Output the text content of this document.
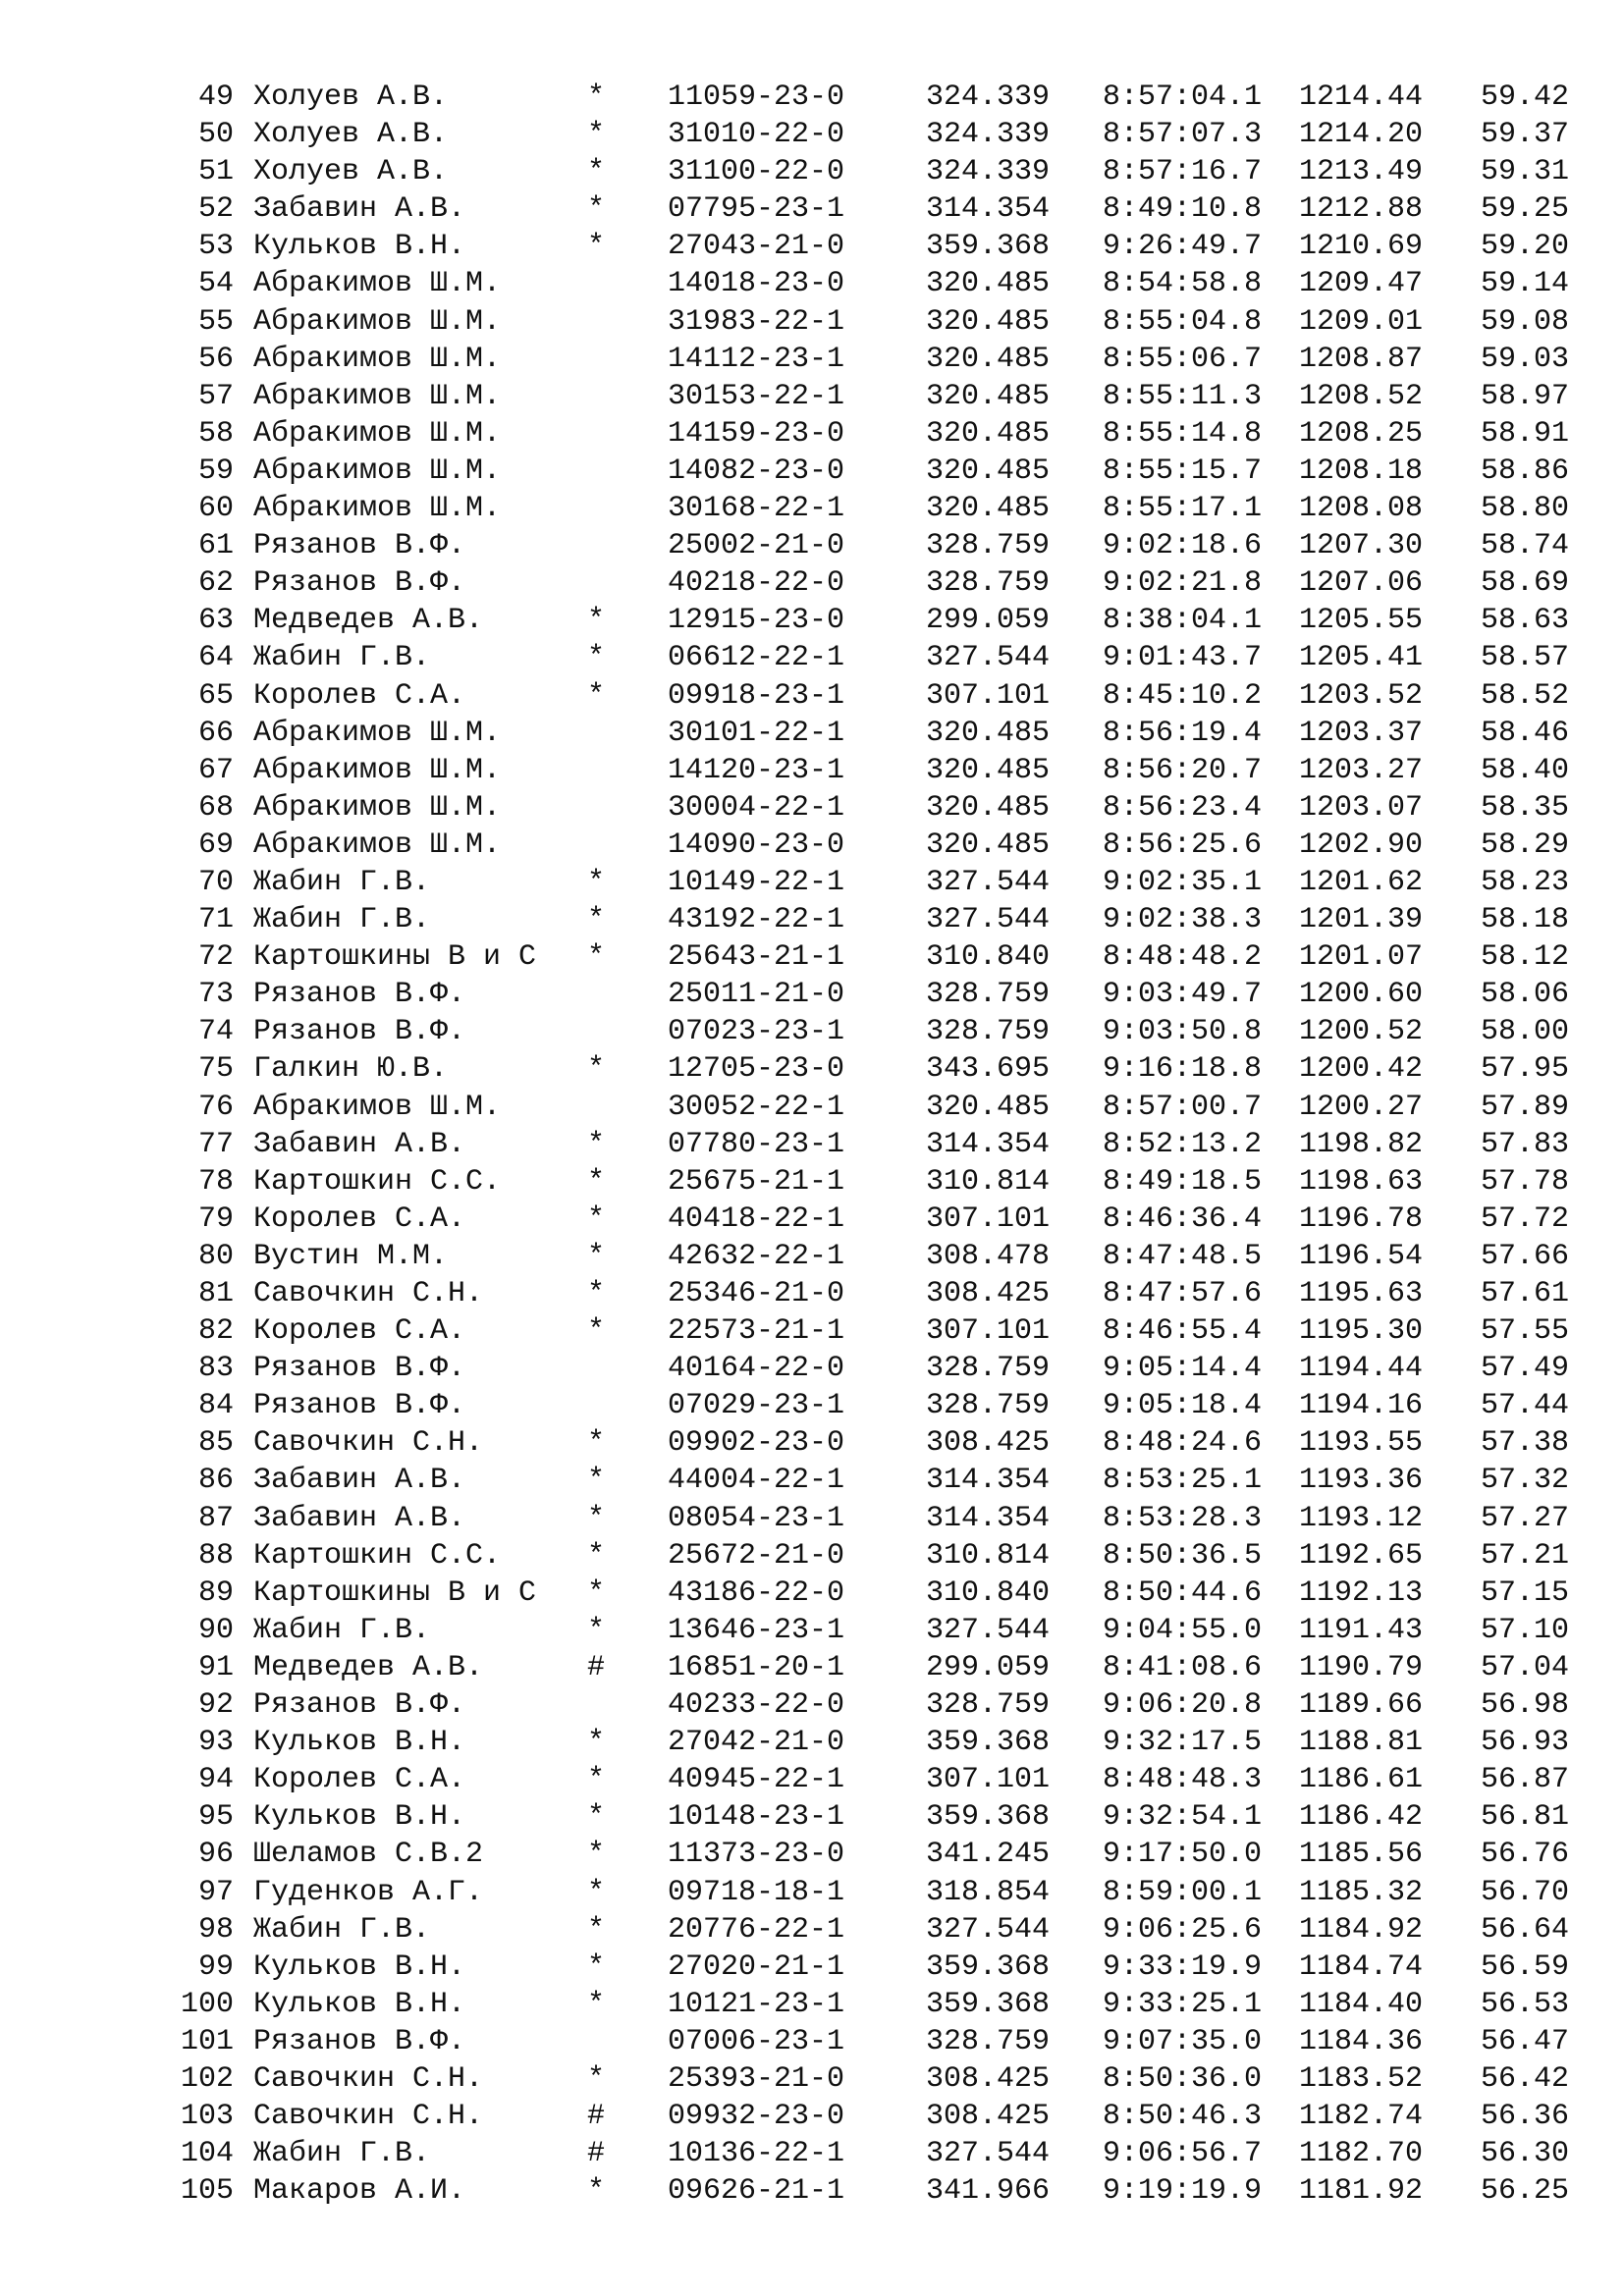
49 Холуев А.В.	* 11059-23-0	324.339 8:57:04.1 1214.44 59.42
50 Холуев А.В.	* 31010-22-0	324.339 8:57:07.3 1214.20 59.37
51 Холуев А.В.	* 31100-22-0	324.339 8:57:16.7 1213.49 59.31
52 Забавин А.В.	* 07795-23-1	314.354 8:49:10.8 1212.88 59.25
53 Кульков В.Н.	* 27043-21-0	359.368 9:26:49.7 1210.69 59.20
54 Абракимов Ш.М.	14018-23-0	320.485 8:54:58.8 1209.47 59.14
55 Абракимов Ш.М.	31983-22-1	320.485 8:55:04.8 1209.01 59.08
56 Абракимов Ш.М.	14112-23-1	320.485 8:55:06.7 1208.87 59.03
57 Абракимов Ш.М.	30153-22-1	320.485 8:55:11.3 1208.52 58.97
58 Абракимов Ш.М.	14159-23-0	320.485 8:55:14.8 1208.25 58.91
59 Абракимов Ш.М.	14082-23-0	320.485 8:55:15.7 1208.18 58.86
60 Абракимов Ш.М.	30168-22-1	320.485 8:55:17.1 1208.08 58.80
61 Рязанов В.Ф.	25002-21-0	328.759 9:02:18.6 1207.30 58.74
62 Рязанов В.Ф.	40218-22-0	328.759 9:02:21.8 1207.06 58.69
63 Медведев А.В.	* 12915-23-0	299.059 8:38:04.1 1205.55 58.63
64 Жабин Г.В.	* 06612-22-1	327.544 9:01:43.7 1205.41 58.57
65 Королев С.А.	* 09918-23-1	307.101 8:45:10.2 1203.52 58.52
66 Абракимов Ш.М.	30101-22-1	320.485 8:56:19.4 1203.37 58.46
67 Абракимов Ш.М.	14120-23-1	320.485 8:56:20.7 1203.27 58.40
68 Абракимов Ш.М.	30004-22-1	320.485 8:56:23.4 1203.07 58.35
69 Абракимов Ш.М.	14090-23-0	320.485 8:56:25.6 1202.90 58.29
70 Жабин Г.В.	* 10149-22-1	327.544 9:02:35.1 1201.62 58.23
71 Жабин Г.В.	* 43192-22-1	327.544 9:02:38.3 1201.39 58.18
72 Картошкины В и С * 25643-21-1	310.840 8:48:48.2 1201.07 58.12
73 Рязанов В.Ф.	25011-21-0	328.759 9:03:49.7 1200.60 58.06
74 Рязанов В.Ф.	07023-23-1	328.759 9:03:50.8 1200.52 58.00
75 Галкин Ю.В.	* 12705-23-0	343.695 9:16:18.8 1200.42 57.95
76 Абракимов Ш.М.	30052-22-1	320.485 8:57:00.7 1200.27 57.89
77 Забавин А.В.	* 07780-23-1	314.354 8:52:13.2 1198.82 57.83
78 Картошкин С.С.	* 25675-21-1	310.814 8:49:18.5 1198.63 57.78
79 Королев С.А.	* 40418-22-1	307.101 8:46:36.4 1196.78 57.72
80 Вустин М.М.	* 42632-22-1	308.478 8:47:48.5 1196.54 57.66
81 Савочкин С.Н.	* 25346-21-0	308.425 8:47:57.6 1195.63 57.61
82 Королев С.А.	* 22573-21-1	307.101 8:46:55.4 1195.30 57.55
83 Рязанов В.Ф.	40164-22-0	328.759 9:05:14.4 1194.44 57.49
84 Рязанов В.Ф.	07029-23-1	328.759 9:05:18.4 1194.16 57.44
85 Савочкин С.Н.	* 09902-23-0	308.425 8:48:24.6 1193.55 57.38
86 Забавин А.В.	* 44004-22-1	314.354 8:53:25.1 1193.36 57.32
87 Забавин А.В.	* 08054-23-1	314.354 8:53:28.3 1193.12 57.27
88 Картошкин С.С.	* 25672-21-0	310.814 8:50:36.5 1192.65 57.21
89 Картошкины В и С * 43186-22-0	310.840 8:50:44.6 1192.13 57.15
90 Жабин Г.В.	* 13646-23-1	327.544 9:04:55.0 1191.43 57.10
91 Медведев А.В.	# 16851-20-1	299.059 8:41:08.6 1190.79 57.04
92 Рязанов В.Ф.	40233-22-0	328.759 9:06:20.8 1189.66 56.98
93 Кульков В.Н.	* 27042-21-0	359.368 9:32:17.5 1188.81 56.93
94 Королев С.А.	* 40945-22-1	307.101 8:48:48.3 1186.61 56.87
95 Кульков В.Н.	* 10148-23-1	359.368 9:32:54.1 1186.42 56.81
96 Шеламов С.В.2	* 11373-23-0	341.245 9:17:50.0 1185.56 56.76
97 Гуденков А.Г.	* 09718-18-1	318.854 8:59:00.1 1185.32 56.70
98 Жабин Г.В.	* 20776-22-1	327.544 9:06:25.6 1184.92 56.64
99 Кульков В.Н.	* 27020-21-1	359.368 9:33:19.9 1184.74 56.59
100 Кульков В.Н.	* 10121-23-1	359.368 9:33:25.1 1184.40 56.53
101 Рязанов В.Ф.	07006-23-1	328.759 9:07:35.0 1184.36 56.47
102 Савочкин С.Н.	* 25393-21-0	308.425 8:50:36.0 1183.52 56.42
103 Савочкин С.Н.	# 09932-23-0	308.425 8:50:46.3 1182.74 56.36
104 Жабин Г.В.	# 10136-22-1	327.544 9:06:56.7 1182.70 56.30
105 Макаров А.И.	* 09626-21-1	341.966 9:19:19.9 1181.92 56.25
